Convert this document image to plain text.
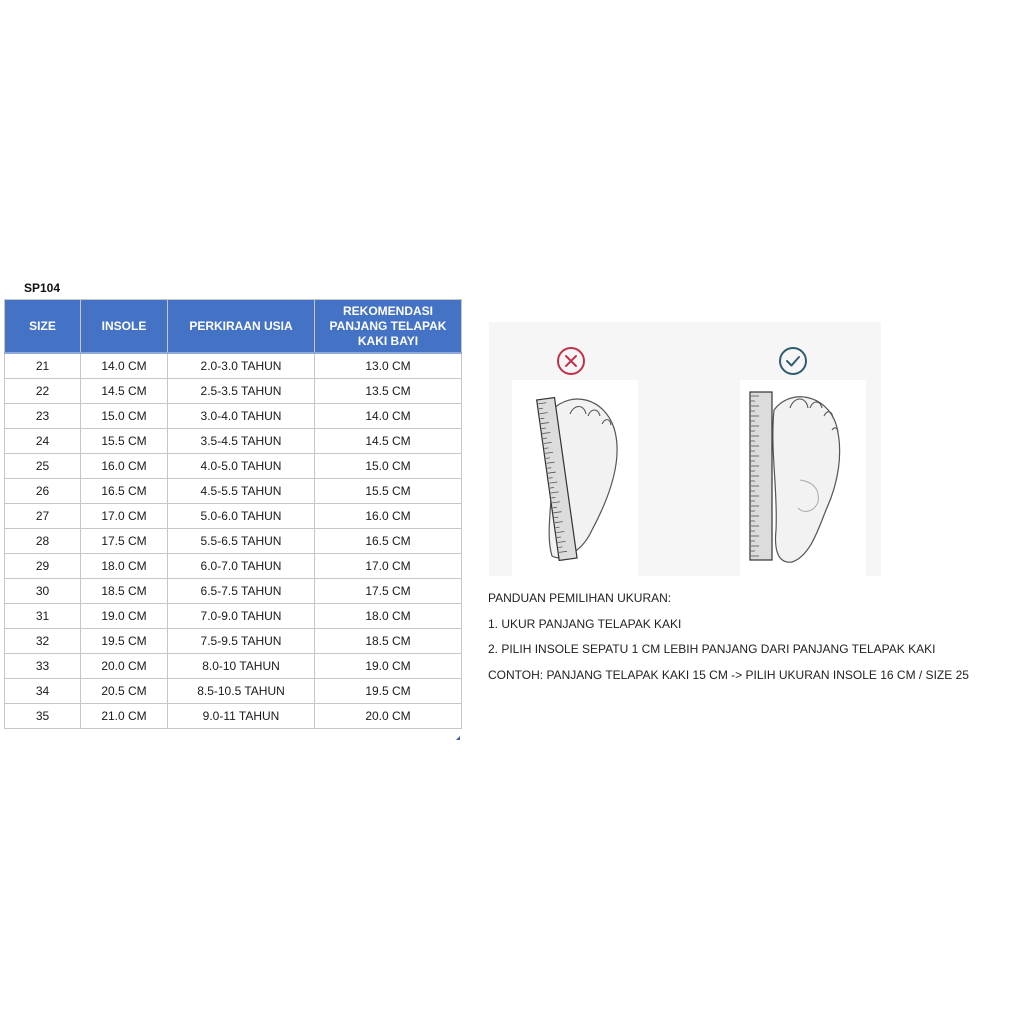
SP104
SIZE	INSOLE	PERKIRAAN USIA	REKOMENDASI PANJANG TELAPAK KAKI BAYI
21	14.0 CM	2.0-3.0 TAHUN	13.0 CM
22	14.5 CM	2.5-3.5 TAHUN	13.5 CM
23	15.0 CM	3.0-4.0 TAHUN	14.0 CM
24	15.5 CM	3.5-4.5 TAHUN	14.5 CM
25	16.0 CM	4.0-5.0 TAHUN	15.0 CM
26	16.5 CM	4.5-5.5 TAHUN	15.5 CM
27	17.0 CM	5.0-6.0 TAHUN	16.0 CM
28	17.5 CM	5.5-6.5 TAHUN	16.5 CM
29	18.0 CM	6.0-7.0 TAHUN	17.0 CM
30	18.5 CM	6.5-7.5 TAHUN	17.5 CM
31	19.0 CM	7.0-9.0 TAHUN	18.0 CM
32	19.5 CM	7.5-9.5 TAHUN	18.5 CM
33	20.0 CM	8.0-10 TAHUN	19.0 CM
34	20.5 CM	8.5-10.5 TAHUN	19.5 CM
35	21.0 CM	9.0-11 TAHUN	20.0 CM
PANDUAN PEMILIHAN UKURAN:
1. UKUR PANJANG TELAPAK KAKI
2. PILIH INSOLE SEPATU 1 CM LEBIH PANJANG DARI PANJANG TELAPAK KAKI
CONTOH: PANJANG TELAPAK KAKI 15 CM -> PILIH UKURAN INSOLE 16 CM / SIZE 25
